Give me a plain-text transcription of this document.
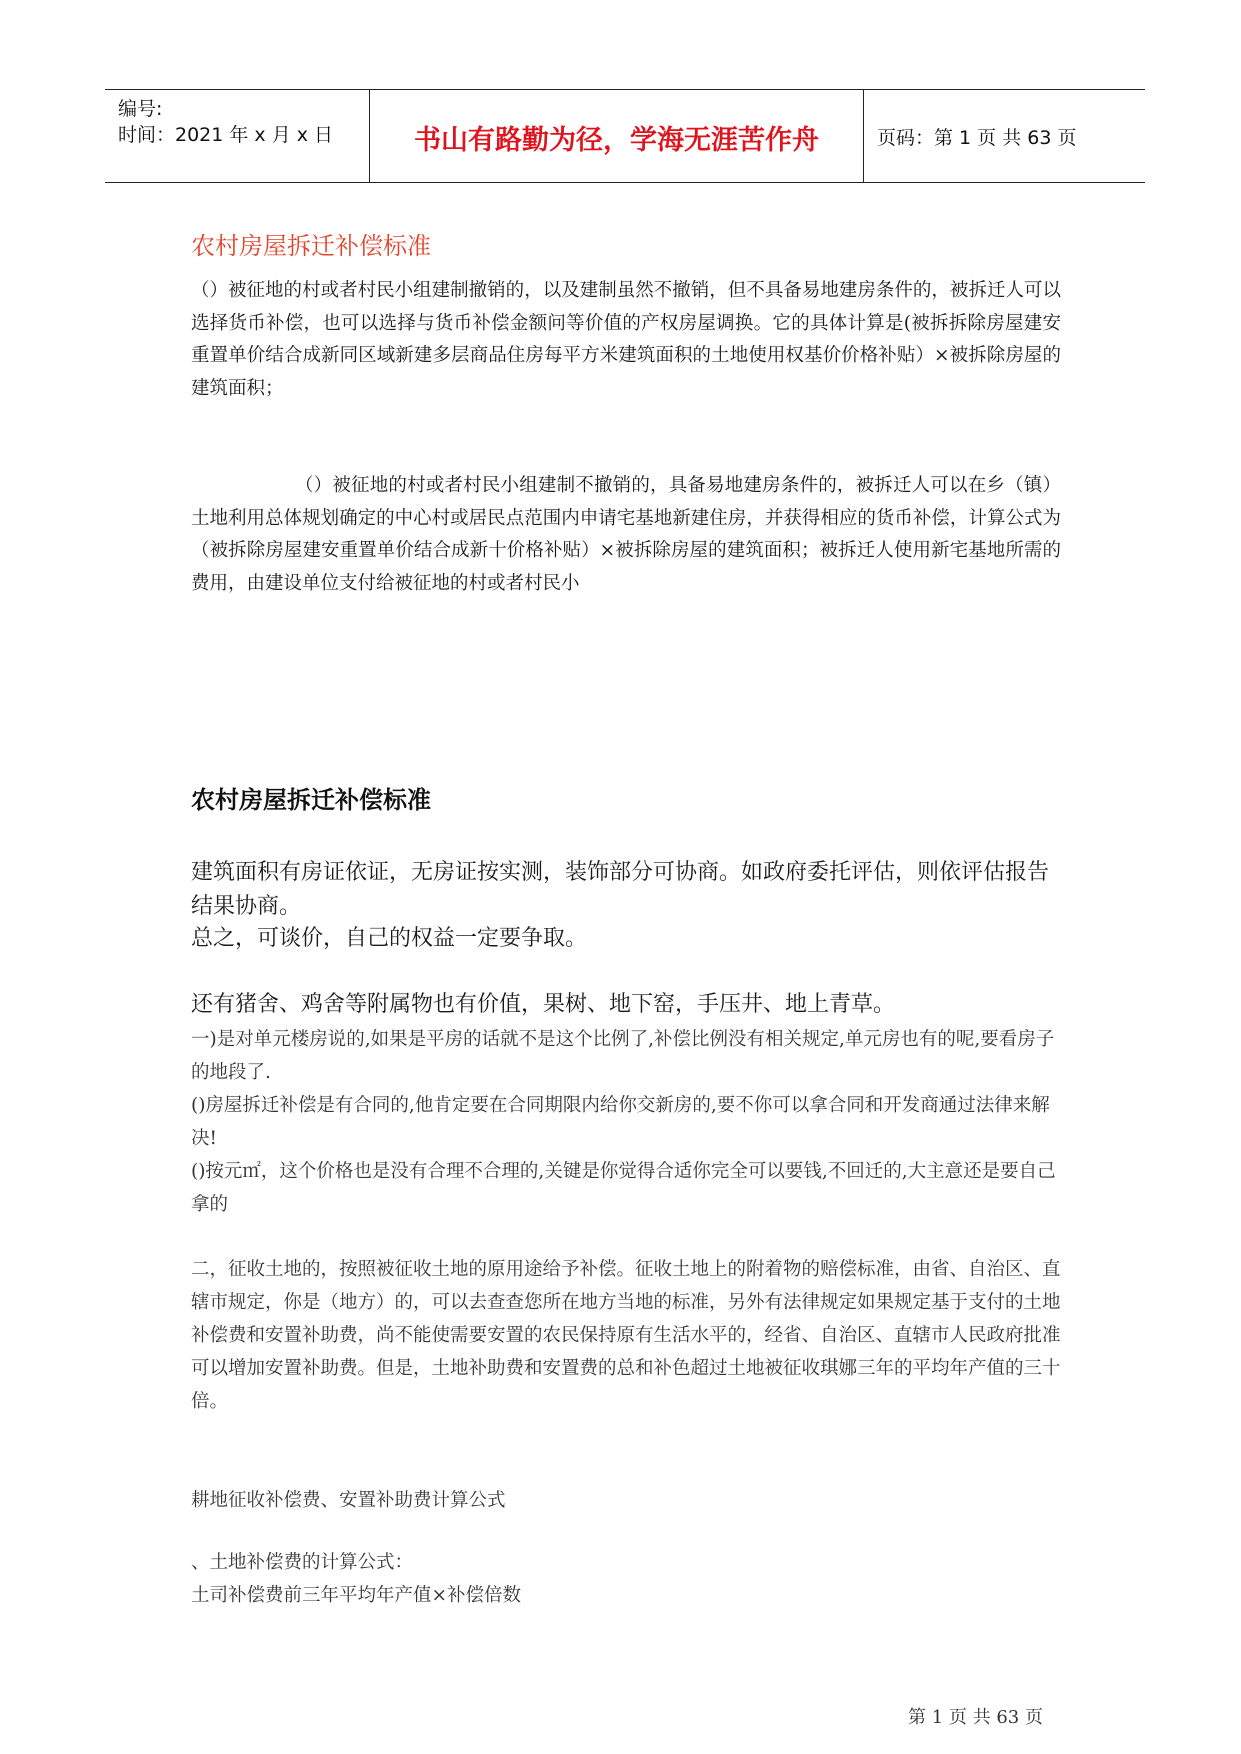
编号:
时间：2021 年 x 月 x 日	书山有路勤为径，学海无涯苦作舟	页码：第 1 页 共 63 页
农村房屋拆迁补偿标准
（）被征地的村或者村民小组建制撤销的，以及建制虽然不撤销，但不具备易地建房条件的，被拆迁人可以选择货币补偿，也可以选择与货币补偿金额问等价值的产权房屋调换。它的具体计算是(被拆拆除房屋建安重置单价结合成新同区域新建多层商品住房每平方米建筑面积的土地使用权基价价格补贴）×被拆除房屋的建筑面积；
（）被征地的村或者村民小组建制不撤销的，具备易地建房条件的，被拆迁人可以在乡（镇）土地利用总体规划确定的中心村或居民点范围内申请宅基地新建住房，并获得相应的货币补偿，计算公式为（被拆除房屋建安重置单价结合成新十价格补贴）×被拆除房屋的建筑面积；被拆迁人使用新宅基地所需的费用，由建设单位支付给被征地的村或者村民小
农村房屋拆迁补偿标准
建筑面积有房证依证，无房证按实测，装饰部分可协商。如政府委托评估，则依评估报告结果协商。
总之，可谈价，自己的权益一定要争取。
还有猪舍、鸡舍等附属物也有价值，果树、地下窑，手压井、地上青草。
一)是对单元楼房说的,如果是平房的话就不是这个比例了,补偿比例没有相关规定,单元房也有的呢,要看房子的地段了.
()房屋拆迁补偿是有合同的,他肯定要在合同期限内给你交新房的,要不你可以拿合同和开发商通过法律来解决!
()按元㎡，这个价格也是没有合理不合理的,关键是你觉得合适你完全可以要钱,不回迁的,大主意还是要自己拿的
二，征收土地的，按照被征收土地的原用途给予补偿。征收土地上的附着物的赔偿标准，由省、自治区、直辖市规定，你是（地方）的，可以去查查您所在地方当地的标准，另外有法律规定如果规定基于支付的土地补偿费和安置补助费，尚不能使需要安置的农民保持原有生活水平的，经省、自治区、直辖市人民政府批准可以增加安置补助费。但是，土地补助费和安置费的总和补色超过土地被征收琪娜三年的平均年产值的三十倍。
耕地征收补偿费、安置补助费计算公式
、土地补偿费的计算公式：
土司补偿费前三年平均年产值×补偿倍数
第 1 页 共 63 页
